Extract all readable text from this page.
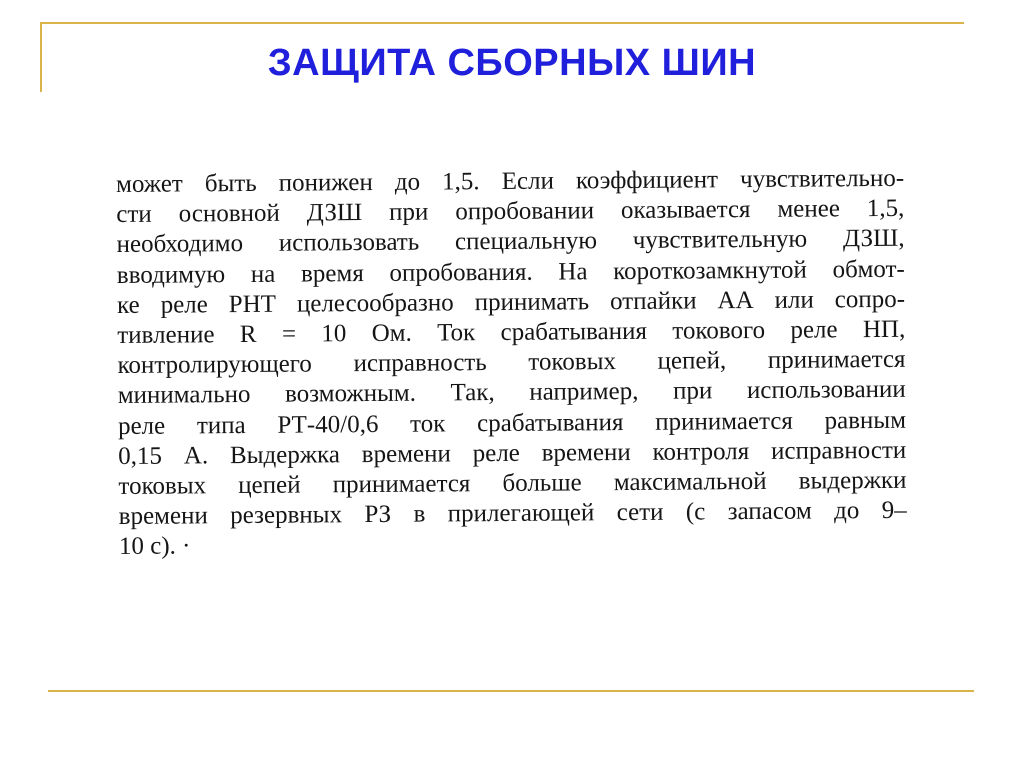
ЗАЩИТА СБОРНЫХ ШИН
может быть понижен до 1,5. Если коэффициент чувствительно-
сти основной ДЗШ при опробовании оказывается менее 1,5,
необходимо использовать специальную чувствительную ДЗШ,
вводимую на время опробования. На короткозамкнутой обмот-
ке реле РНТ целесообразно принимать отпайки АА или сопро-
тивление R = 10 Ом. Ток срабатывания токового реле НП,
контролирующего исправность токовых цепей, принимается
минимально возможным. Так, например, при использовании
реле типа РТ-40/0,6 ток срабатывания принимается равным
0,15 А. Выдержка времени реле времени контроля исправности
токовых цепей принимается больше максимальной выдержки
времени резервных РЗ в прилегающей сети (с запасом до 9–
10 с). ·
